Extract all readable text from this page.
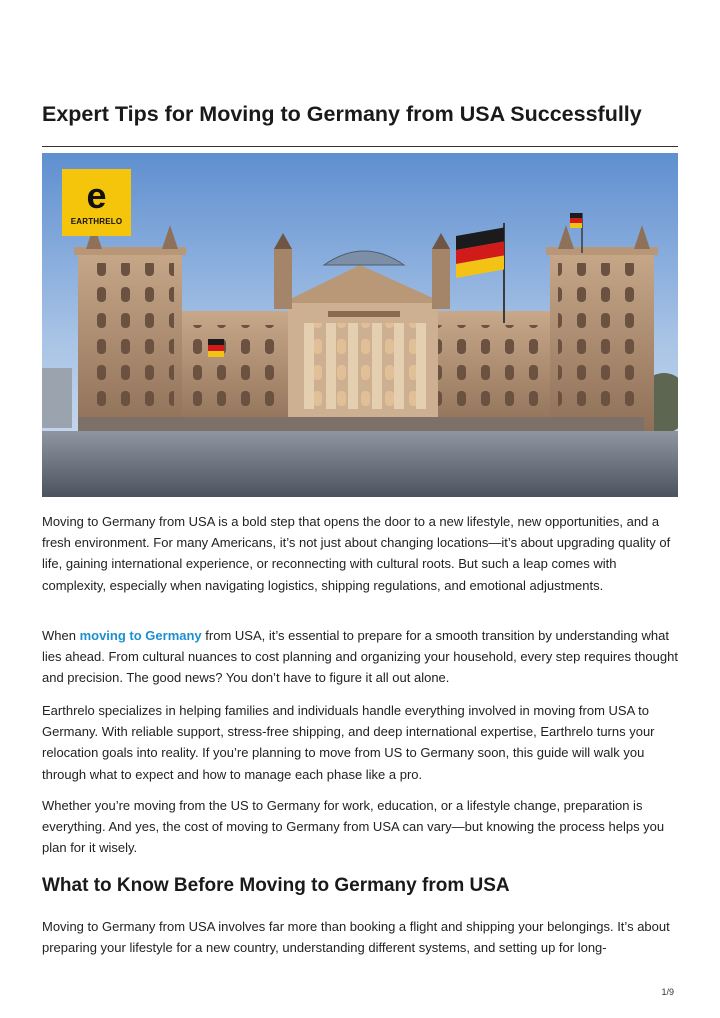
Expert Tips for Moving to Germany from USA Successfully
e
EARTHRELO

Moving to Germany from USA is a bold step that opens the door to a new lifestyle, new opportunities, and a fresh environment. For many Americans, it’s not just about changing locations—it’s about upgrading quality of life, gaining international experience, or reconnecting with cultural roots. But such a leap comes with complexity, especially when navigating logistics, shipping regulations, and emotional adjustments.

When moving to Germany from USA, it’s essential to prepare for a smooth transition by understanding what lies ahead. From cultural nuances to cost planning and organizing your household, every step requires thought and precision. The good news? You don’t have to figure it all out alone.

Earthrelo specializes in helping families and individuals handle everything involved in moving from USA to Germany. With reliable support, stress-free shipping, and deep international expertise, Earthrelo turns your relocation goals into reality. If you’re planning to move from US to Germany soon, this guide will walk you through what to expect and how to manage each phase like a pro.

Whether you’re moving from the US to Germany for work, education, or a lifestyle change, preparation is everything. And yes, the cost of moving to Germany from USA can vary—but knowing the process helps you plan for it wisely.

What to Know Before Moving to Germany from USA

Moving to Germany from USA involves far more than booking a flight and shipping your belongings. It’s about preparing your lifestyle for a new country, understanding different systems, and setting up for long-

1/9
